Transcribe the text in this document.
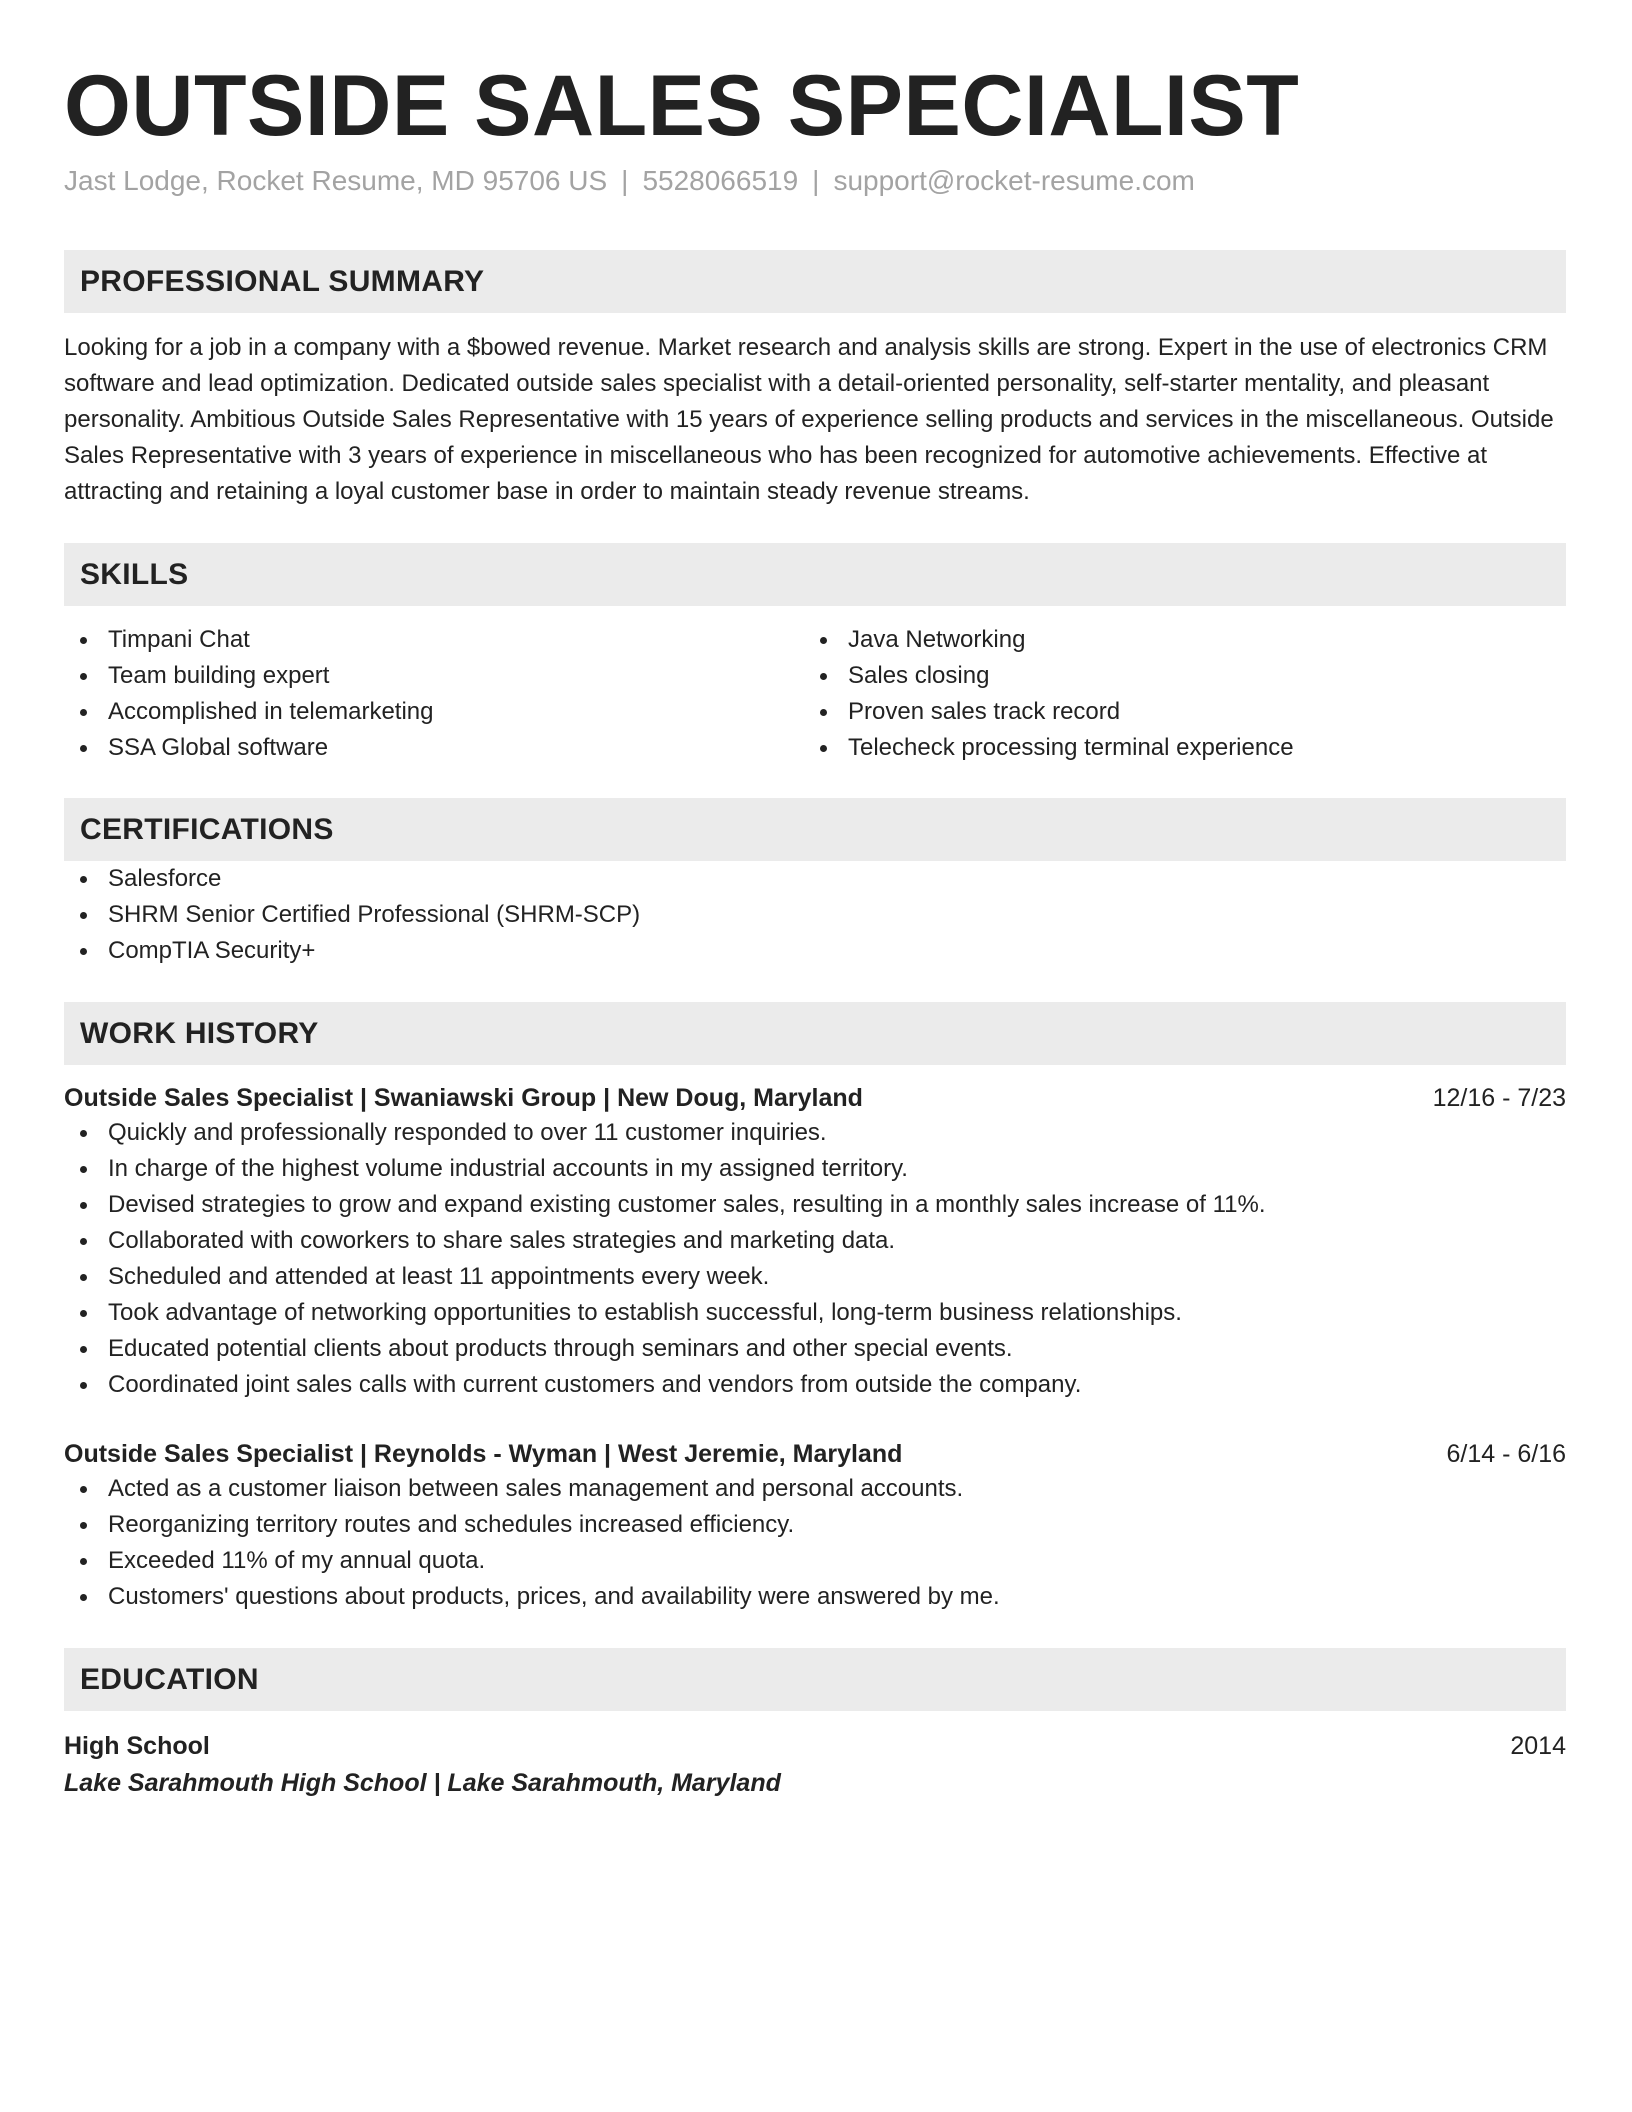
OUTSIDE SALES SPECIALIST
Jast Lodge, Rocket Resume, MD 95706 US | 5528066519 | support@rocket-resume.com
PROFESSIONAL SUMMARY

Looking for a job in a company with a $bowed revenue. Market research and analysis skills are strong. Expert in the use of electronics CRM software and lead optimization. Dedicated outside sales specialist with a detail-oriented personality, self-starter mentality, and pleasant personality. Ambitious Outside Sales Representative with 15 years of experience selling products and services in the miscellaneous. Outside Sales Representative with 3 years of experience in miscellaneous who has been recognized for automotive achievements. Effective at attracting and retaining a loyal customer base in order to maintain steady revenue streams.

SKILLS
Timpani Chat
Team building expert
Accomplished in telemarketing
SSA Global software
Java Networking
Sales closing
Proven sales track record
Telecheck processing terminal experience
CERTIFICATIONS
Salesforce
SHRM Senior Certified Professional (SHRM-SCP)
CompTIA Security+
WORK HISTORY
Outside Sales Specialist | Swaniawski Group | New Doug, Maryland	12/16 - 7/23
Quickly and professionally responded to over 11 customer inquiries.
In charge of the highest volume industrial accounts in my assigned territory.
Devised strategies to grow and expand existing customer sales, resulting in a monthly sales increase of 11%.
Collaborated with coworkers to share sales strategies and marketing data.
Scheduled and attended at least 11 appointments every week.
Took advantage of networking opportunities to establish successful, long-term business relationships.
Educated potential clients about products through seminars and other special events.
Coordinated joint sales calls with current customers and vendors from outside the company.
Outside Sales Specialist | Reynolds - Wyman | West Jeremie, Maryland	6/14 - 6/16
Acted as a customer liaison between sales management and personal accounts.
Reorganizing territory routes and schedules increased efficiency.
Exceeded 11% of my annual quota.
Customers' questions about products, prices, and availability were answered by me.
EDUCATION
High School	2014
Lake Sarahmouth High School | Lake Sarahmouth, Maryland
